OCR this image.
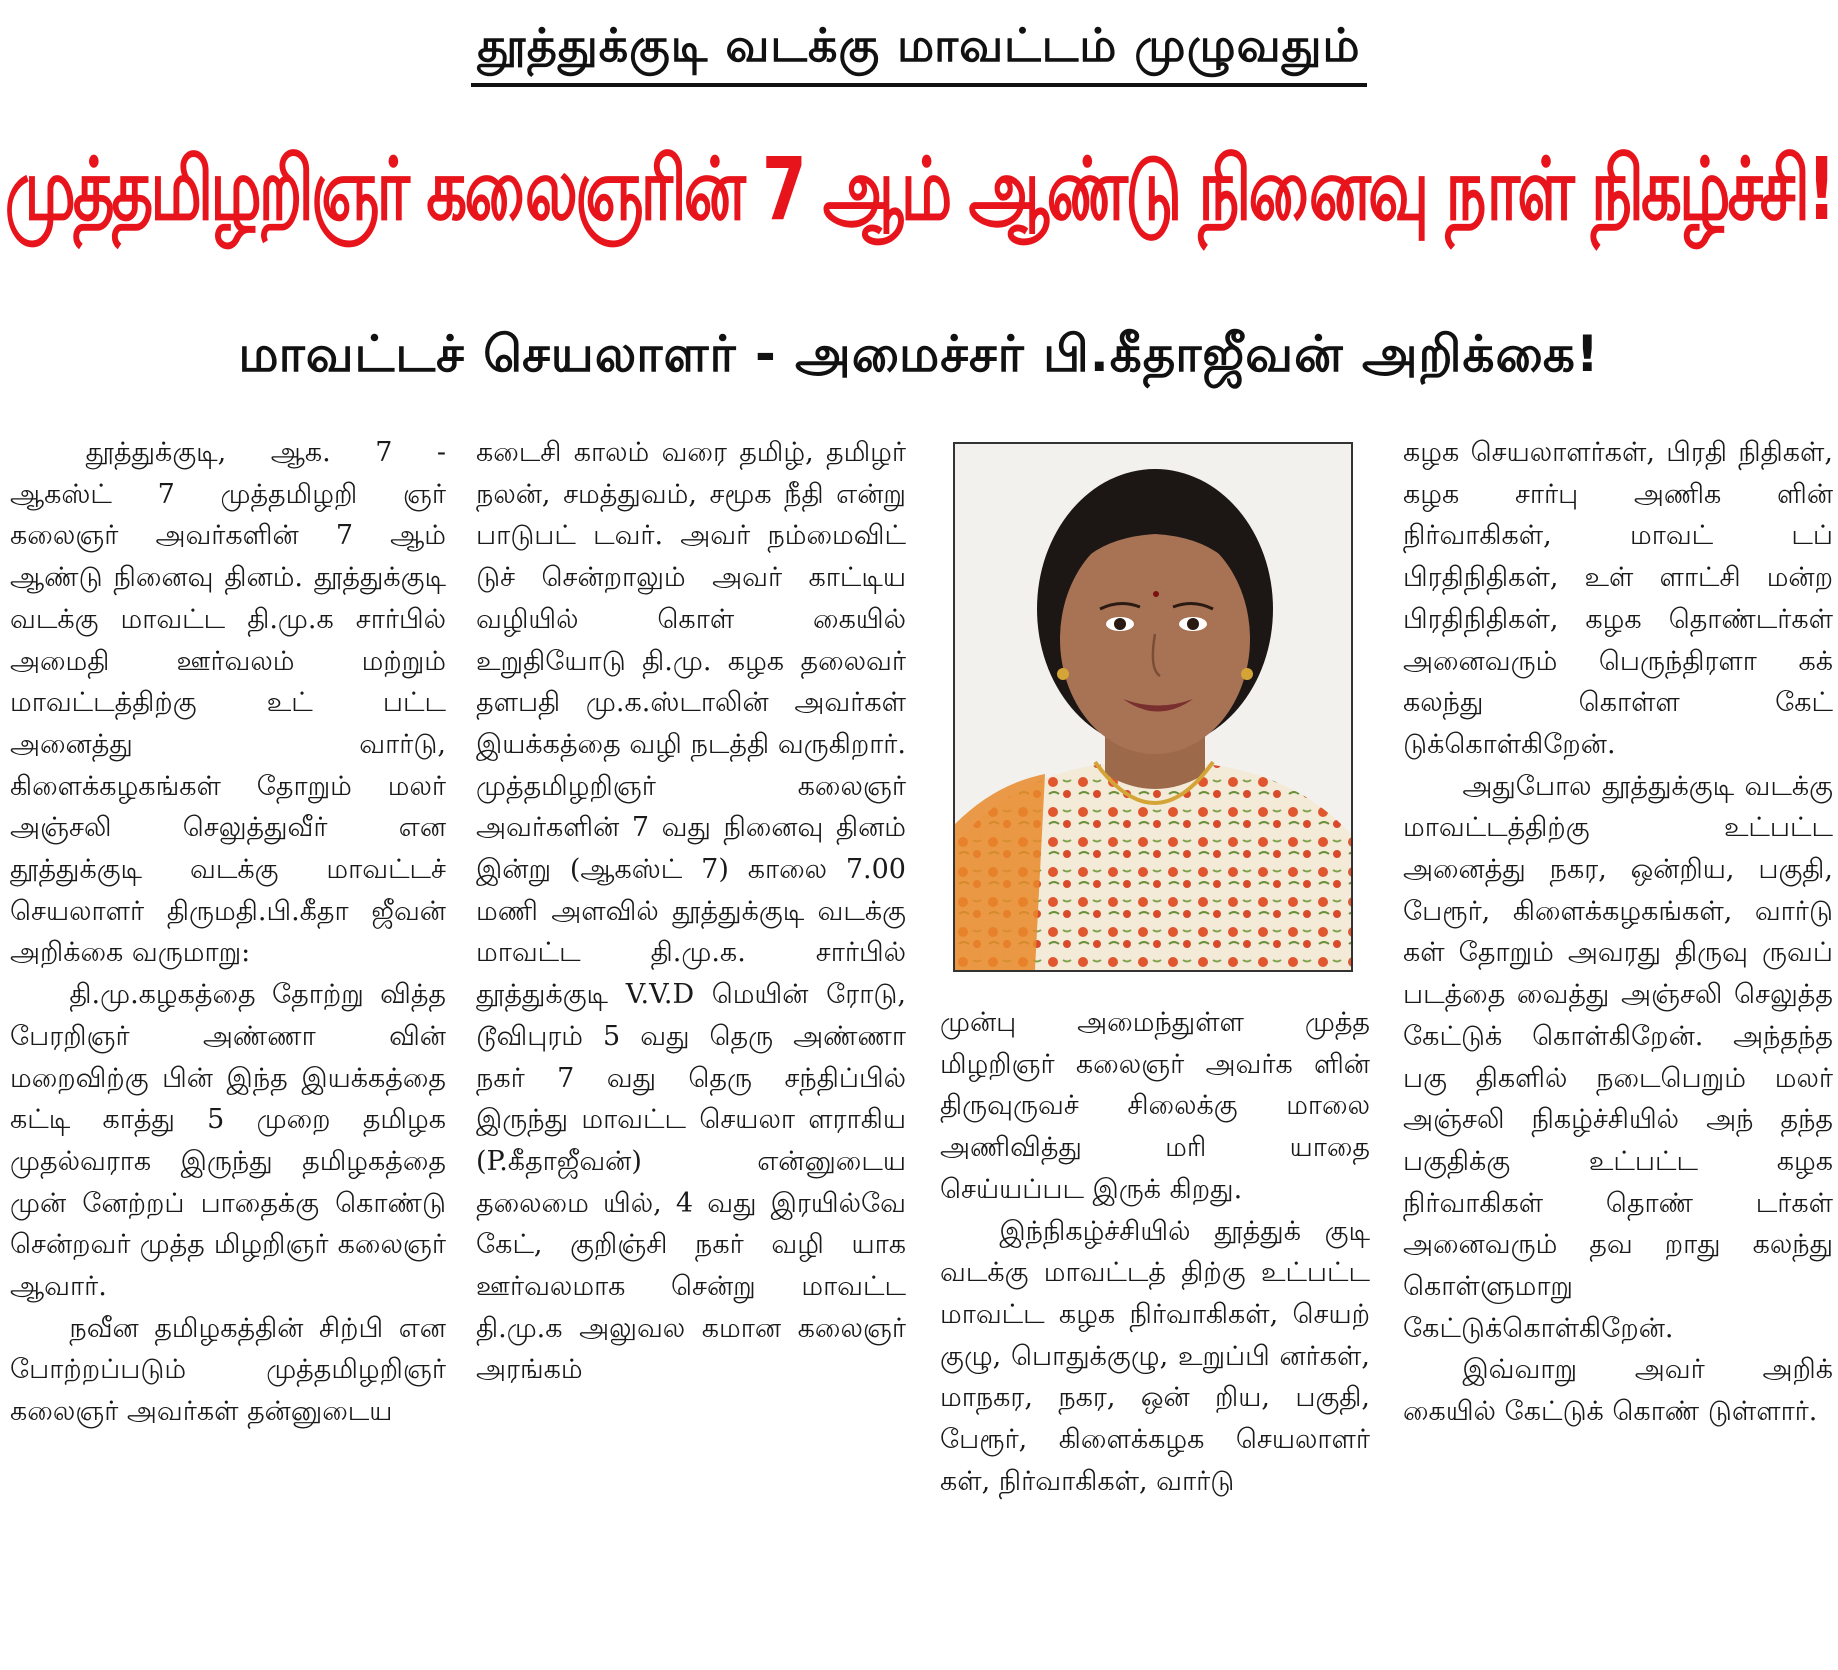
தூத்துக்குடி வடக்கு மாவட்டம் முழுவதும்
முத்தமிழறிஞர் கலைஞரின் 7 ஆம் ஆண்டு நினைவு நாள் நிகழ்ச்சி!
மாவட்டச் செயலாளர் - அமைச்சர் பி.கீதாஜீவன் அறிக்கை!

தூத்துக்குடி, ஆக. 7 - ஆகஸ்ட் 7 முத்தமிழறி ஞர் கலைஞர் அவர்களின் 7 ஆம் ஆண்டு நினைவு தினம். தூத்துக்குடி வடக்கு மாவட்ட தி.மு.க சார்பில் அமைதி ஊர்வலம் மற்றும் மாவட்டத்திற்கு உட் பட்ட அனைத்து வார்டு, கிளைக்கழகங்கள் தோறும் மலர் அஞ்சலி செலுத்துவீர் என தூத்துக்குடி வடக்கு மாவட்டச் செயலாளர் திருமதி.பி.கீதா ஜீவன் அறிக்கை வருமாறு:

தி.மு.கழகத்தை தோற்று வித்த பேரறிஞர் அண்ணா வின் மறைவிற்கு பின் இந்த இயக்கத்தை கட்டி காத்து 5 முறை தமிழக முதல்வராக இருந்து தமிழகத்தை முன் னேற்றப் பாதைக்கு கொண்டு சென்றவர் முத்த மிழறிஞர் கலைஞர் ஆவார்.

நவீன தமிழகத்தின் சிற்பி என போற்றப்படும் முத்தமிழறிஞர் கலைஞர் அவர்கள் தன்னுடைய

கடைசி காலம் வரை தமிழ், தமிழர் நலன், சமத்துவம், சமூக நீதி என்று பாடுபட் டவர். அவர் நம்மைவிட் டுச் சென்றாலும் அவர் காட்டிய வழியில் கொள் கையில் உறுதியோடு தி.மு. கழக தலைவர் தளபதி மு.க.ஸ்டாலின் அவர்கள் இயக்கத்தை வழி நடத்தி வருகிறார். முத்தமிழறிஞர் கலைஞர் அவர்களின் 7 வது நினைவு தினம் இன்று (ஆகஸ்ட் 7) காலை 7.00 மணி அளவில் தூத்துக்குடி வடக்கு மாவட்ட தி.மு.க. சார்பில் தூத்துக்குடி V.V.D மெயின் ரோடு, டூவிபுரம் 5 வது தெரு அண்ணா நகர் 7 வது தெரு சந்திப்பில் இருந்து மாவட்ட செயலா ளராகிய (P.கீதாஜீவன்) என்னுடைய தலைமை யில், 4 வது இரயில்வே கேட், குறிஞ்சி நகர் வழி யாக ஊர்வலமாக சென்று மாவட்ட தி.மு.க அலுவல கமான கலைஞர் அரங்கம்

முன்பு அமைந்துள்ள முத்த மிழறிஞர் கலைஞர் அவர்க ளின் திருவுருவச் சிலைக்கு மாலை அணிவித்து மரி யாதை செய்யப்பட இருக் கிறது.

இந்நிகழ்ச்சியில் தூத்துக் குடி வடக்கு மாவட்டத் திற்கு உட்பட்ட மாவட்ட கழக நிர்வாகிகள், செயற் குழு, பொதுக்குழு, உறுப்பி னர்கள், மாநகர, நகர, ஒன் றிய, பகுதி, பேரூர், கிளைக்கழக செயலாளர் கள், நிர்வாகிகள், வார்டு

கழக செயலாளர்கள், பிரதி நிதிகள், கழக சார்பு அணிக ளின் நிர்வாகிகள், மாவட் டப் பிரதிநிதிகள், உள் ளாட்சி மன்ற பிரதிநிதிகள், கழக தொண்டர்கள் அனைவரும் பெருந்திரளா கக் கலந்து கொள்ள கேட் டுக்கொள்கிறேன்.

அதுபோல தூத்துக்குடி வடக்கு மாவட்டத்திற்கு உட்பட்ட அனைத்து நகர, ஒன்றிய, பகுதி, பேரூர், கிளைக்கழகங்கள், வார்டு கள் தோறும் அவரது திருவு ருவப் படத்தை வைத்து அஞ்சலி செலுத்த கேட்டுக் கொள்கிறேன். அந்தந்த பகு திகளில் நடைபெறும் மலர் அஞ்சலி நிகழ்ச்சியில் அந் தந்த பகுதிக்கு உட்பட்ட கழக நிர்வாகிகள் தொண் டர்கள் அனைவரும் தவ றாது கலந்து கொள்ளுமாறு கேட்டுக்கொள்கிறேன்.

இவ்வாறு அவர் அறிக் கையில் கேட்டுக் கொண் டுள்ளார்.
